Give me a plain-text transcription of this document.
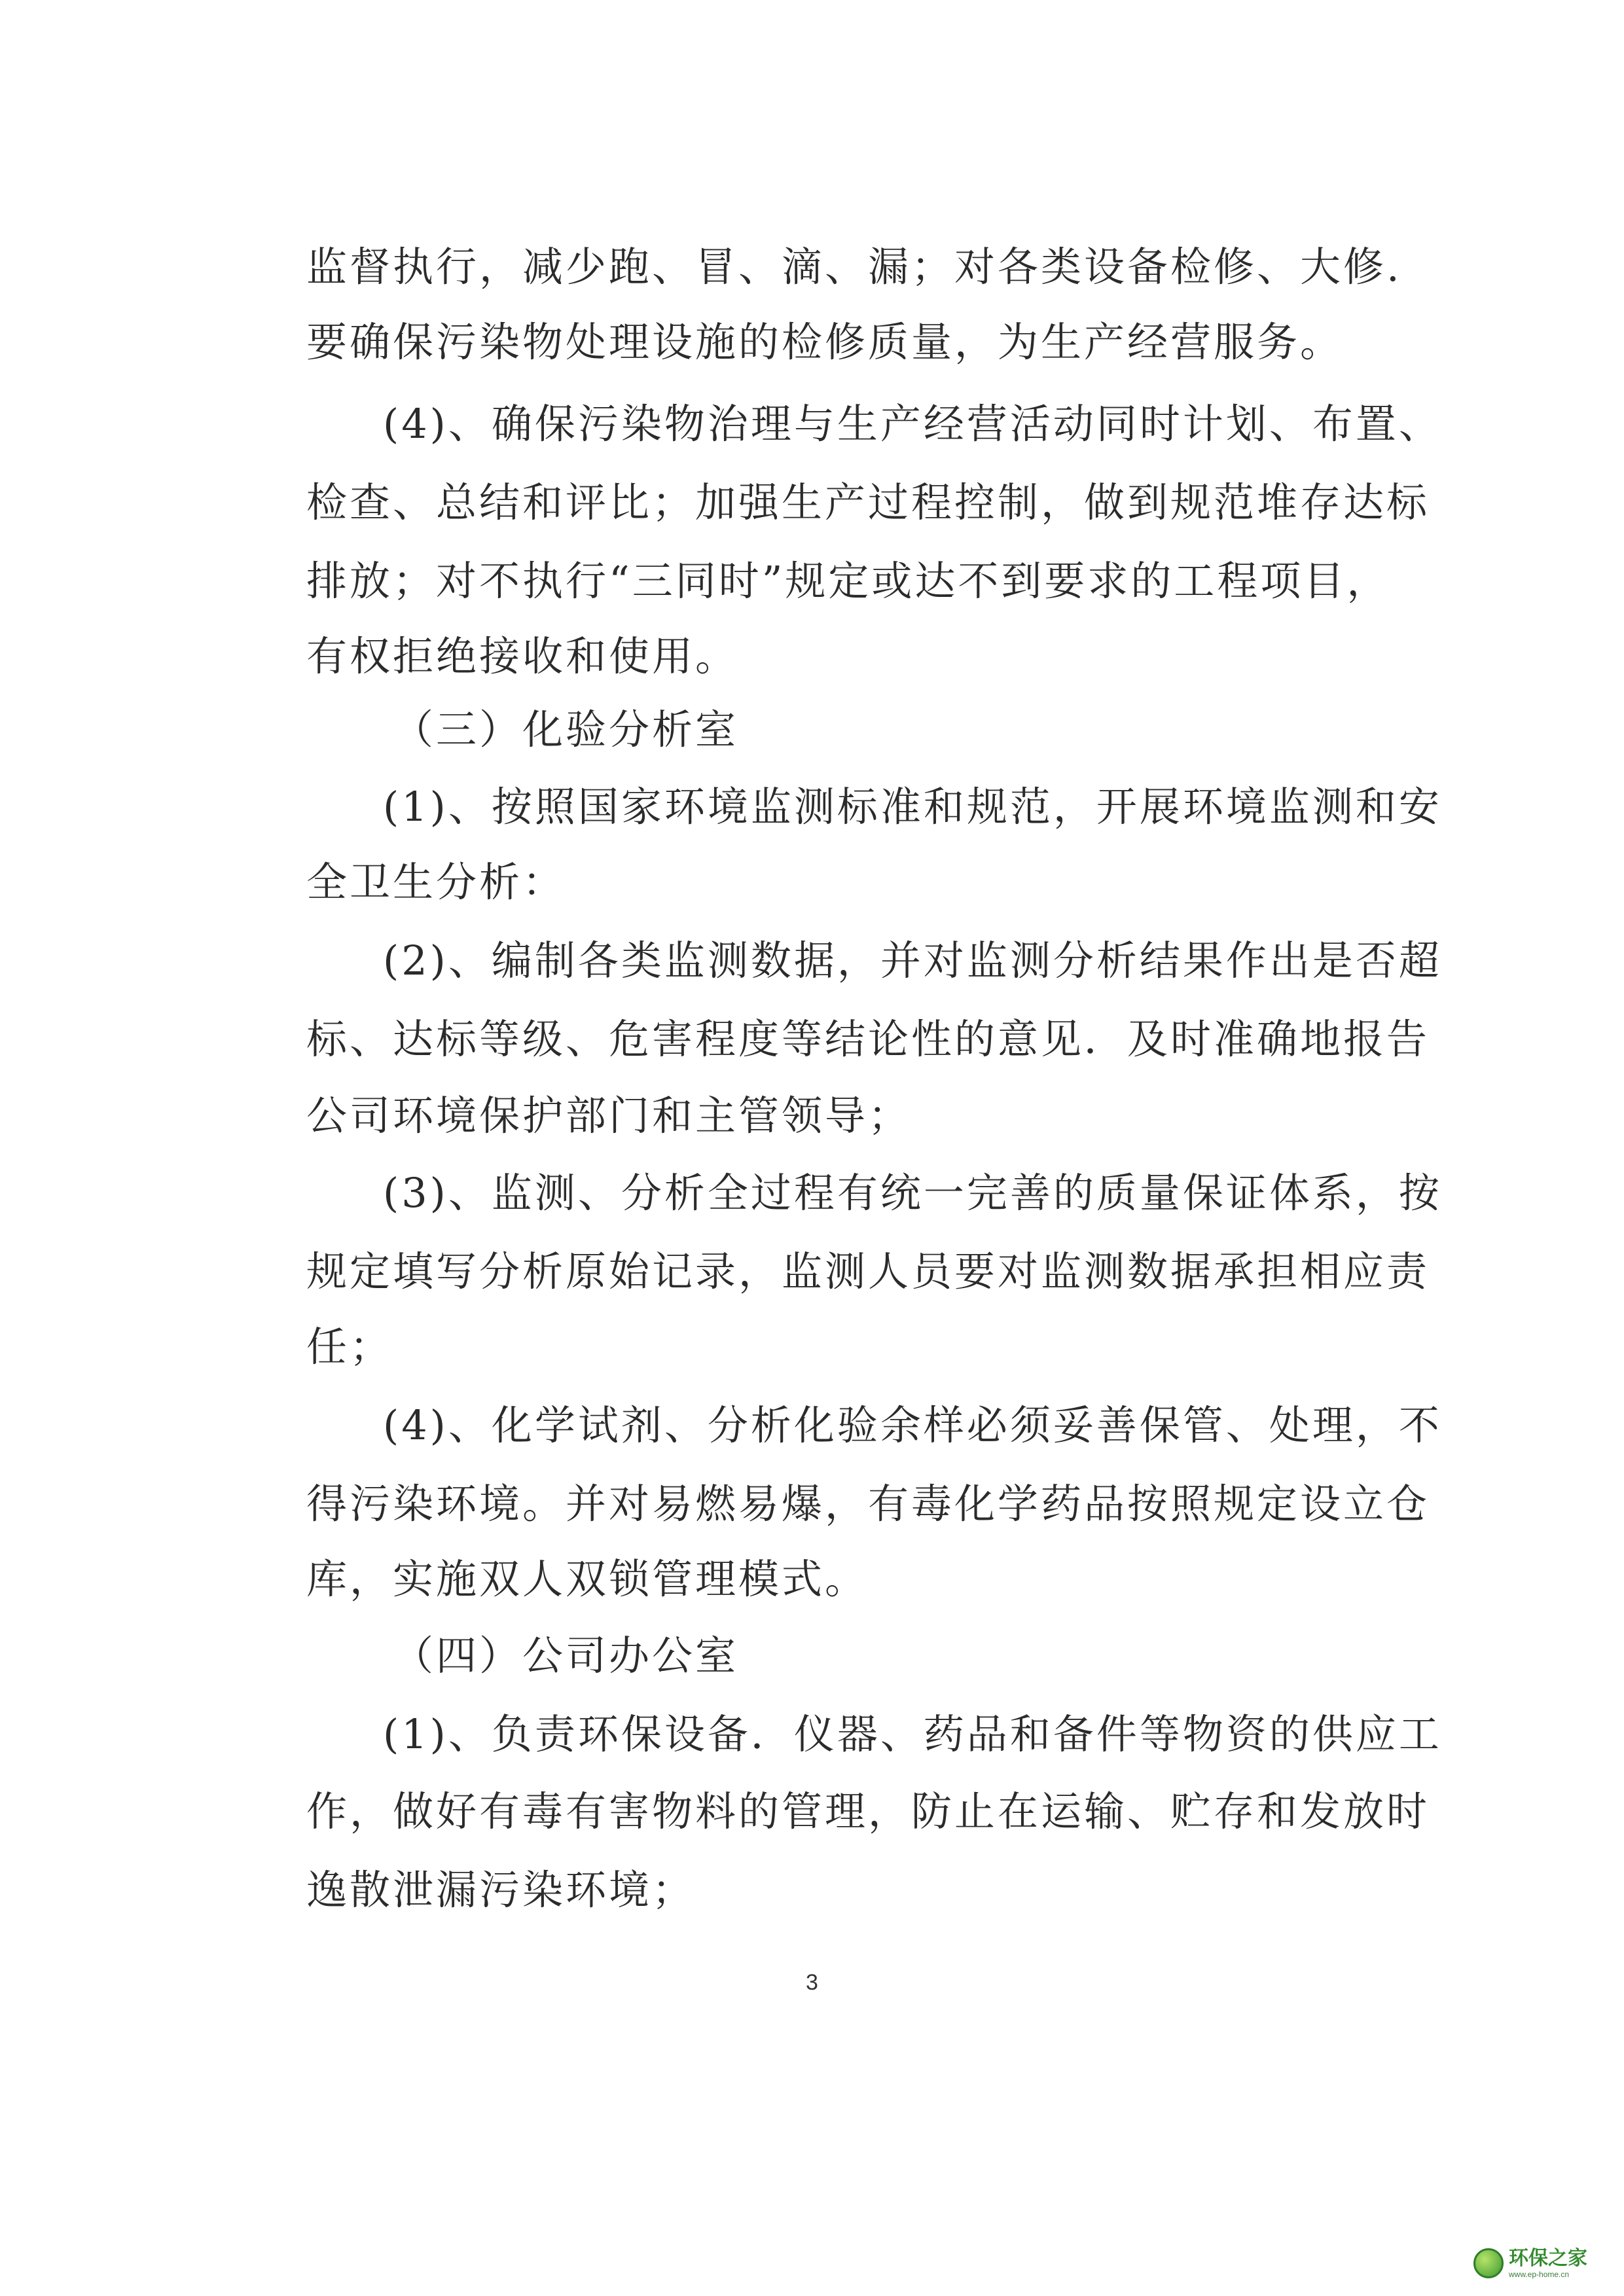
监督执行，减少跑、冒、滴、漏；对各类设备检修、大修.
要确保污染物处理设施的检修质量，为生产经营服务。
(4)、确保污染物治理与生产经营活动同时计划、布置、
检查、总结和评比；加强生产过程控制，做到规范堆存达标
排放；对不执行“三同时”规定或达不到要求的工程项目，
有权拒绝接收和使用。
（三）化验分析室
(1)、按照国家环境监测标准和规范，开展环境监测和安
全卫生分析：
(2)、编制各类监测数据，并对监测分析结果作出是否超
标、达标等级、危害程度等结论性的意见．及时准确地报告
公司环境保护部门和主管领导；
(3)、监测、分析全过程有统一完善的质量保证体系，按
规定填写分析原始记录，监测人员要对监测数据承担相应责
任；
(4)、化学试剂、分析化验余样必须妥善保管、处理，不
得污染环境。并对易燃易爆，有毒化学药品按照规定设立仓
库，实施双人双锁管理模式。
（四）公司办公室
(1)、负责环保设备．仪器、药品和备件等物资的供应工
作，做好有毒有害物料的管理，防止在运输、贮存和发放时
逸散泄漏污染环境；
3
环保之家
www.ep-home.cn
